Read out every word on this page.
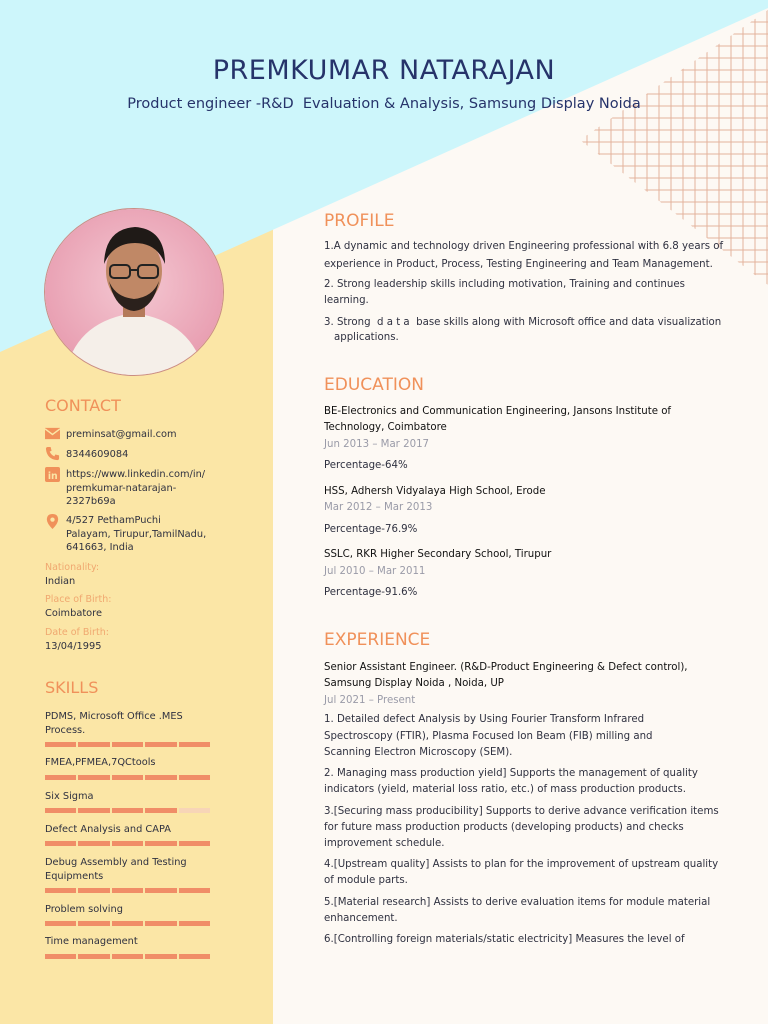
PREMKUMAR NATARAJAN
Product engineer -R&D  Evaluation & Analysis, Samsung Display Noida
CONTACT
preminsat@gmail.com
8344609084
in https://www.linkedin.com/in/
premkumar-natarajan-
2327b69a
4/527 PethamPuchi
Palayam, Tirupur,TamilNadu,
641663, India
Nationality:
Indian
Place of Birth:
Coimbatore
Date of Birth:
13/04/1995
SKILLS
PDMS, Microsoft Office .MES
Process.
FMEA,PFMEA,7QCtools
Six Sigma
Defect Analysis and CAPA
Debug Assembly and Testing
Equipments
Problem solving
Time management
PROFILE
1.A dynamic and technology driven Engineering professional with 6.8 years of
experience in Product, Process, Testing Engineering and Team Management.
2. Strong leadership skills including motivation, Training and continues
learning.
3. Strong  d a t a  base skills along with Microsoft office and data visualization
applications.
EDUCATION
BE-Electronics and Communication Engineering, Jansons Institute of
Technology, Coimbatore
Jun 2013 – Mar 2017
Percentage-64%
HSS, Adhersh Vidyalaya High School, Erode
Mar 2012 – Mar 2013
Percentage-76.9%
SSLC, RKR Higher Secondary School, Tirupur
Jul 2010 – Mar 2011
Percentage-91.6%
EXPERIENCE
Senior Assistant Engineer. (R&D-Product Engineering & Defect control),
Samsung Display Noida , Noida, UP
Jul 2021 – Present
1. Detailed defect Analysis by Using Fourier Transform Infrared
Spectroscopy (FTIR), Plasma Focused Ion Beam (FIB) milling and
Scanning Electron Microscopy (SEM).
2. Managing mass production yield] Supports the management of quality
indicators (yield, material loss ratio, etc.) of mass production products.
3.[Securing mass producibility] Supports to derive advance verification items
for future mass production products (developing products) and checks
improvement schedule.
4.[Upstream quality] Assists to plan for the improvement of upstream quality
of module parts.
5.[Material research] Assists to derive evaluation items for module material
enhancement.
6.[Controlling foreign materials/static electricity] Measures the level of
